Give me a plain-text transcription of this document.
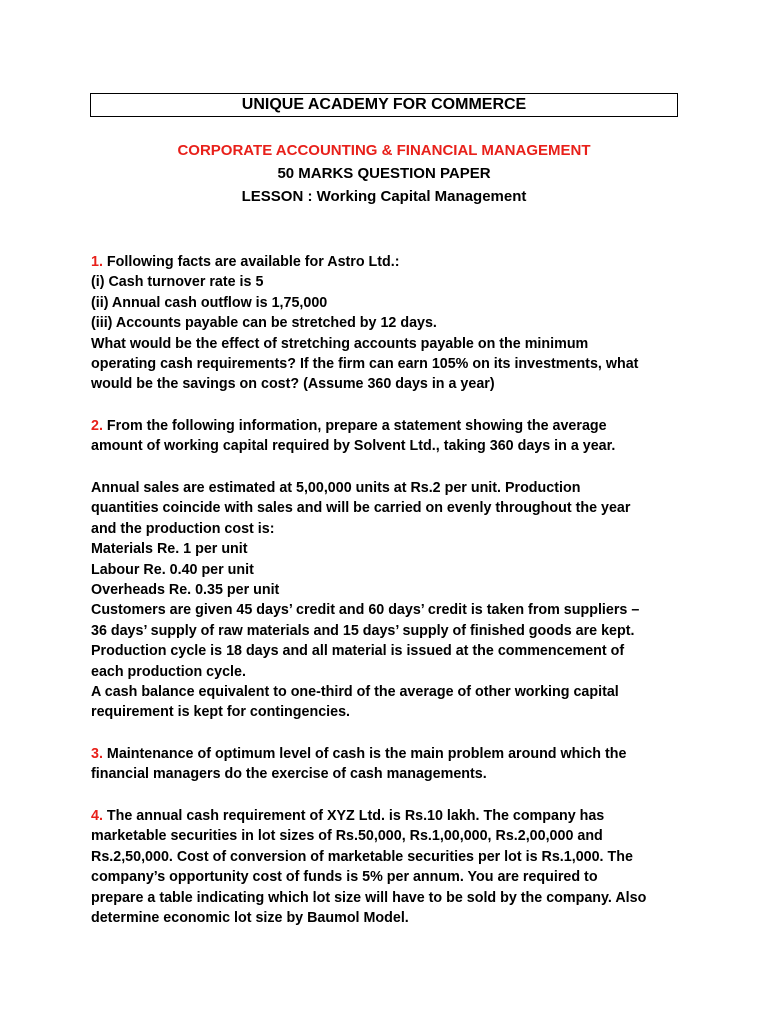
UNIQUE ACADEMY FOR COMMERCE
CORPORATE ACCOUNTING & FINANCIAL MANAGEMENT
50 MARKS QUESTION PAPER
LESSON : Working Capital Management
1. Following facts are available for Astro Ltd.:
(i) Cash turnover rate is 5
(ii) Annual cash outflow is 1,75,000
(iii) Accounts payable can be stretched by 12 days.
What would be the effect of stretching accounts payable on the minimum
operating cash requirements? If the firm can earn 105% on its investments, what
would be the savings on cost? (Assume 360 days in a year)
2. From the following information, prepare a statement showing the average
amount of working capital required by Solvent Ltd., taking 360 days in a year.
Annual sales are estimated at 5,00,000 units at Rs.2 per unit. Production
quantities coincide with sales and will be carried on evenly throughout the year
and the production cost is:
Materials Re. 1 per unit
Labour Re. 0.40 per unit
Overheads Re. 0.35 per unit
Customers are given 45 days’ credit and 60 days’ credit is taken from suppliers –
36 days’ supply of raw materials and 15 days’ supply of finished goods are kept.
Production cycle is 18 days and all material is issued at the commencement of
each production cycle.
A cash balance equivalent to one-third of the average of other working capital
requirement is kept for contingencies.
3. Maintenance of optimum level of cash is the main problem around which the
financial managers do the exercise of cash managements.
4. The annual cash requirement of XYZ Ltd. is Rs.10 lakh. The company has
marketable securities in lot sizes of Rs.50,000, Rs.1,00,000, Rs.2,00,000 and
Rs.2,50,000. Cost of conversion of marketable securities per lot is Rs.1,000. The
company’s opportunity cost of funds is 5% per annum. You are required to
prepare a table indicating which lot size will have to be sold by the company. Also
determine economic lot size by Baumol Model.
